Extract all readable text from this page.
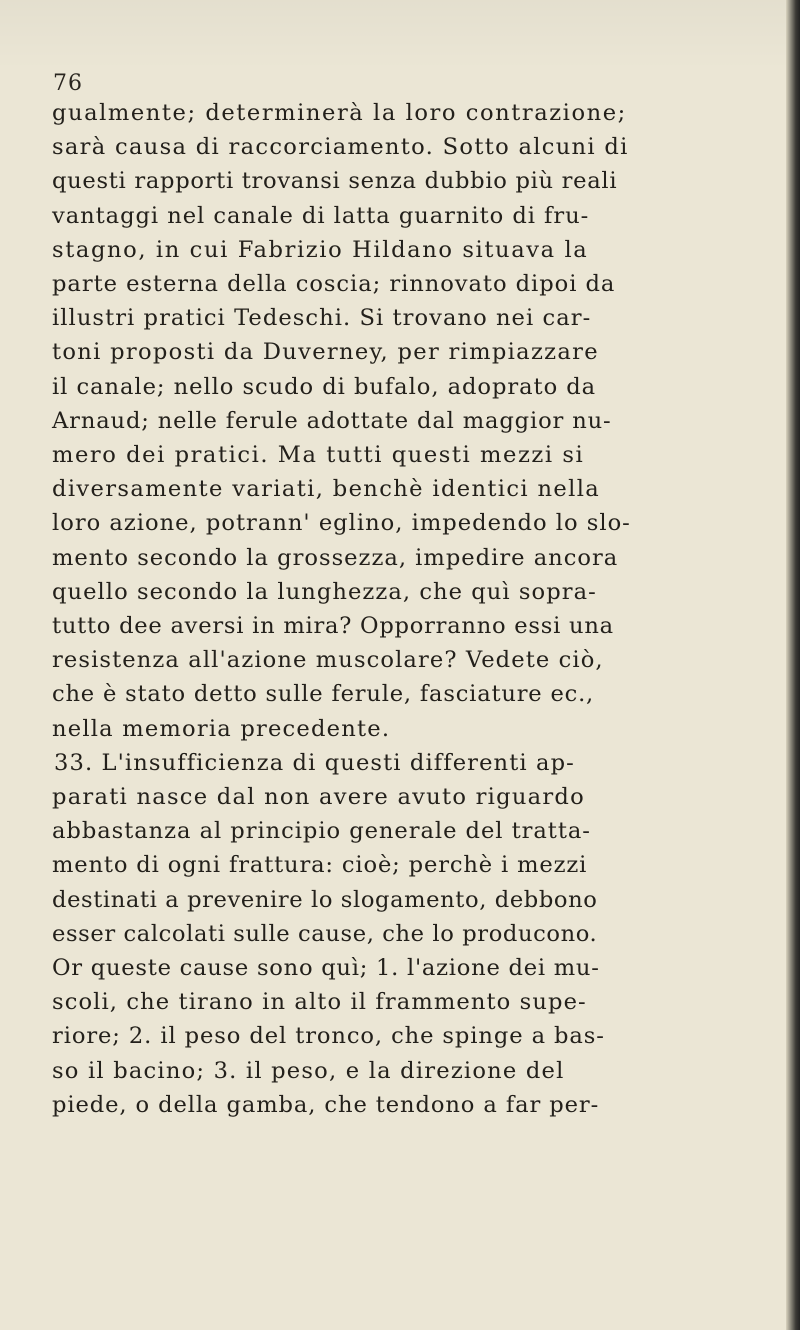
76
gualmente; determinerà la loro contrazione;
sarà causa di raccorciamento. Sotto alcuni di
questi rapporti trovansi senza dubbio più reali
vantaggi nel canale di latta guarnito di fru-
stagno, in cui Fabrizio Hildano situava la
parte esterna della coscia; rinnovato dipoi da
illustri pratici Tedeschi. Si trovano nei car-
toni proposti da Duverney, per rimpiazzare
il canale; nello scudo di bufalo, adoprato da
Arnaud; nelle ferule adottate dal maggior nu-
mero dei pratici. Ma tutti questi mezzi si
diversamente variati, benchè identici nella
loro azione, potrann' eglino, impedendo lo slo-
mento secondo la grossezza, impedire ancora
quello secondo la lunghezza, che quì sopra-
tutto dee aversi in mira? Opporranno essi una
resistenza all'azione muscolare? Vedete ciò,
che è stato detto sulle ferule, fasciature ec.,
nella memoria precedente.
33. L'insufficienza di questi differenti ap-
parati nasce dal non avere avuto riguardo
abbastanza al principio generale del tratta-
mento di ogni frattura: cioè; perchè i mezzi
destinati a prevenire lo slogamento, debbono
esser calcolati sulle cause, che lo producono.
Or queste cause sono quì; 1. l'azione dei mu-
scoli, che tirano in alto il frammento supe-
riore; 2. il peso del tronco, che spinge a bas-
so il bacino; 3. il peso, e la direzione del
piede, o della gamba, che tendono a far per-
